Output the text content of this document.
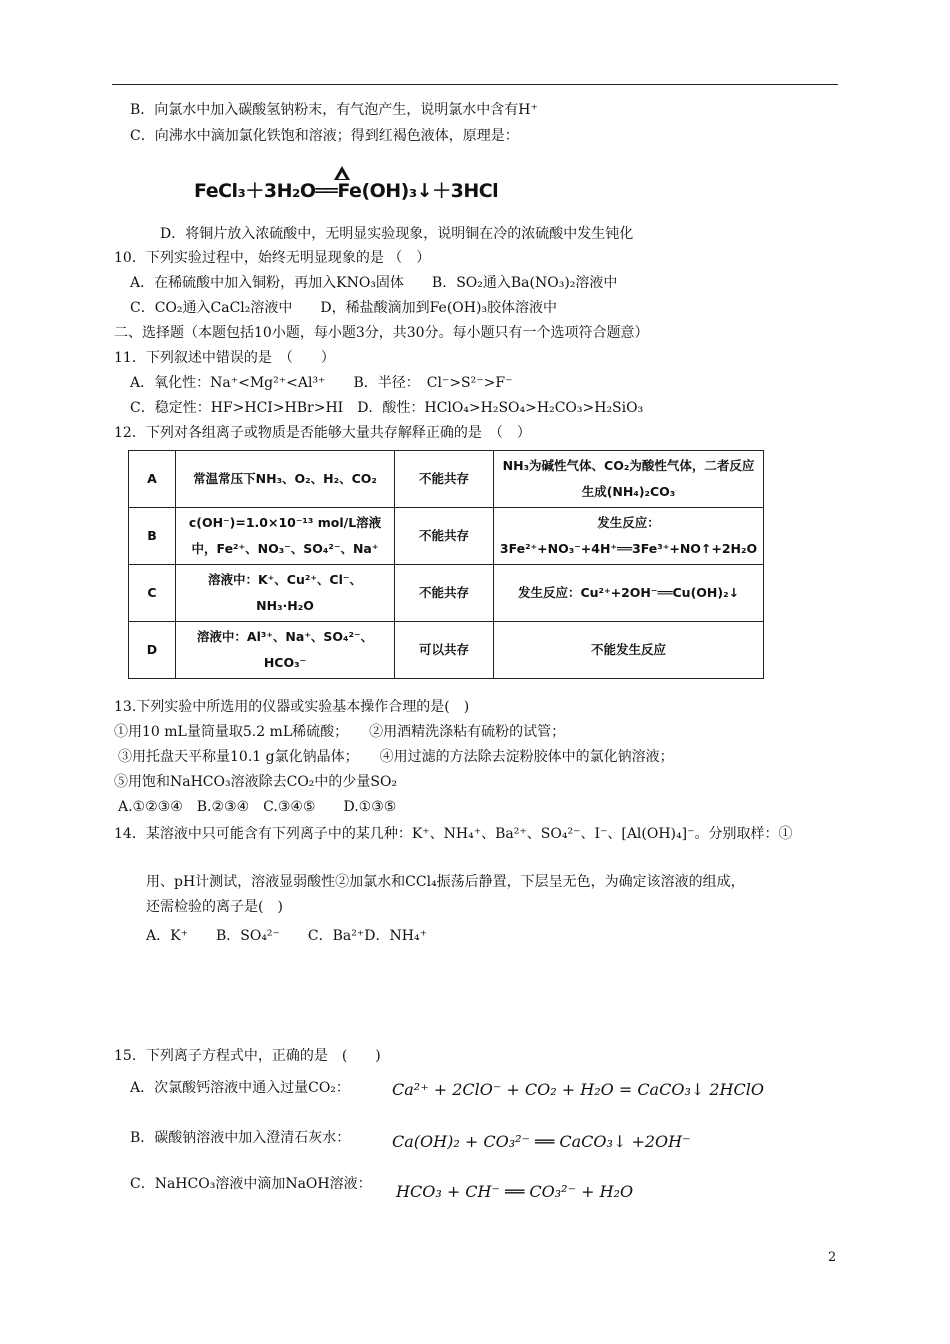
B．向氯水中加入碳酸氢钠粉末，有气泡产生，说明氯水中含有H⁺
C．向沸水中滴加氯化铁饱和溶液；得到红褐色液体，原理是：
FeCl₃＋3H₂O══Fe(OH)₃↓＋3HCl
D．将铜片放入浓硫酸中，无明显实验现象，说明铜在冷的浓硫酸中发生钝化
10．下列实验过程中，始终无明显现象的是 （　）
A．在稀硫酸中加入铜粉，再加入KNO₃固体　　B．SO₂通入Ba(NO₃)₂溶液中
C．CO₂通入CaCl₂溶液中　　D，稀盐酸滴加到Fe(OH)₃胶体溶液中
二、选择题（本题包括10小题，每小题3分，共30分。每小题只有一个选项符合题意）
11．下列叙述中错误的是　（　　）
A．氧化性：Na⁺<Mg²⁺<Al³⁺　　B．半径：　Cl⁻>S²⁻>F⁻
C．稳定性：HF>HCI>HBr>HI　D．酸性：HClO₄>H₂SO₄>H₂CO₃>H₂SiO₃
12．下列对各组离子或物质是否能够大量共存解释正确的是　（　）
A	常温常压下NH₃、O₂、H₂、CO₂	不能共存	NH₃为碱性气体、CO₂为酸性气体，二者反应生成(NH₄)₂CO₃
B	c(OH⁻)=1.0×10⁻¹³ mol/L溶液中，Fe²⁺、NO₃⁻、SO₄²⁻、Na⁺	不能共存	发生反应：3Fe²⁺+NO₃⁻+4H⁺══3Fe³⁺+NO↑+2H₂O
C	溶液中：K⁺、Cu²⁺、Cl⁻、NH₃·H₂O	不能共存	发生反应：Cu²⁺+2OH⁻══Cu(OH)₂↓
D	溶液中：Al³⁺、Na⁺、SO₄²⁻、HCO₃⁻	可以共存	不能发生反应
13.下列实验中所选用的仪器或实验基本操作合理的是(　)
①用10 mL量筒量取5.2 mL稀硫酸；　　②用酒精洗涤粘有硫粉的试管；
③用托盘天平称量10.1 g氯化钠晶体；　　④用过滤的方法除去淀粉胶体中的氯化钠溶液；
⑤用饱和NaHCO₃溶液除去CO₂中的少量SO₂
A.①②③④　B.②③④　C.③④⑤　　D.①③⑤
14．某溶液中只可能含有下列离子中的某几种：K⁺、NH₄⁺、Ba²⁺、SO₄²⁻、I⁻、[Al(OH)₄]⁻。分别取样：①
用、pH计测试，溶液显弱酸性②加氯水和CCl₄振荡后静置，下层呈无色，为确定该溶液的组成，
还需检验的离子是(　)
A．K⁺　　B．SO₄²⁻　　C．Ba²⁺D．NH₄⁺
15．下列离子方程式中，正确的是　(　　)
A．次氯酸钙溶液中通入过量CO₂：	Ca²⁺ + 2ClO⁻ + CO₂ + H₂O = CaCO₃↓ 2HClO
B．碳酸钠溶液中加入澄清石灰水：	Ca(OH)₂ + CO₃²⁻ ══ CaCO₃↓ +2OH⁻
C．NaHCO₃溶液中滴加NaOH溶液： HCO₃ + CH⁻ ══ CO₃²⁻ + H₂O
2
